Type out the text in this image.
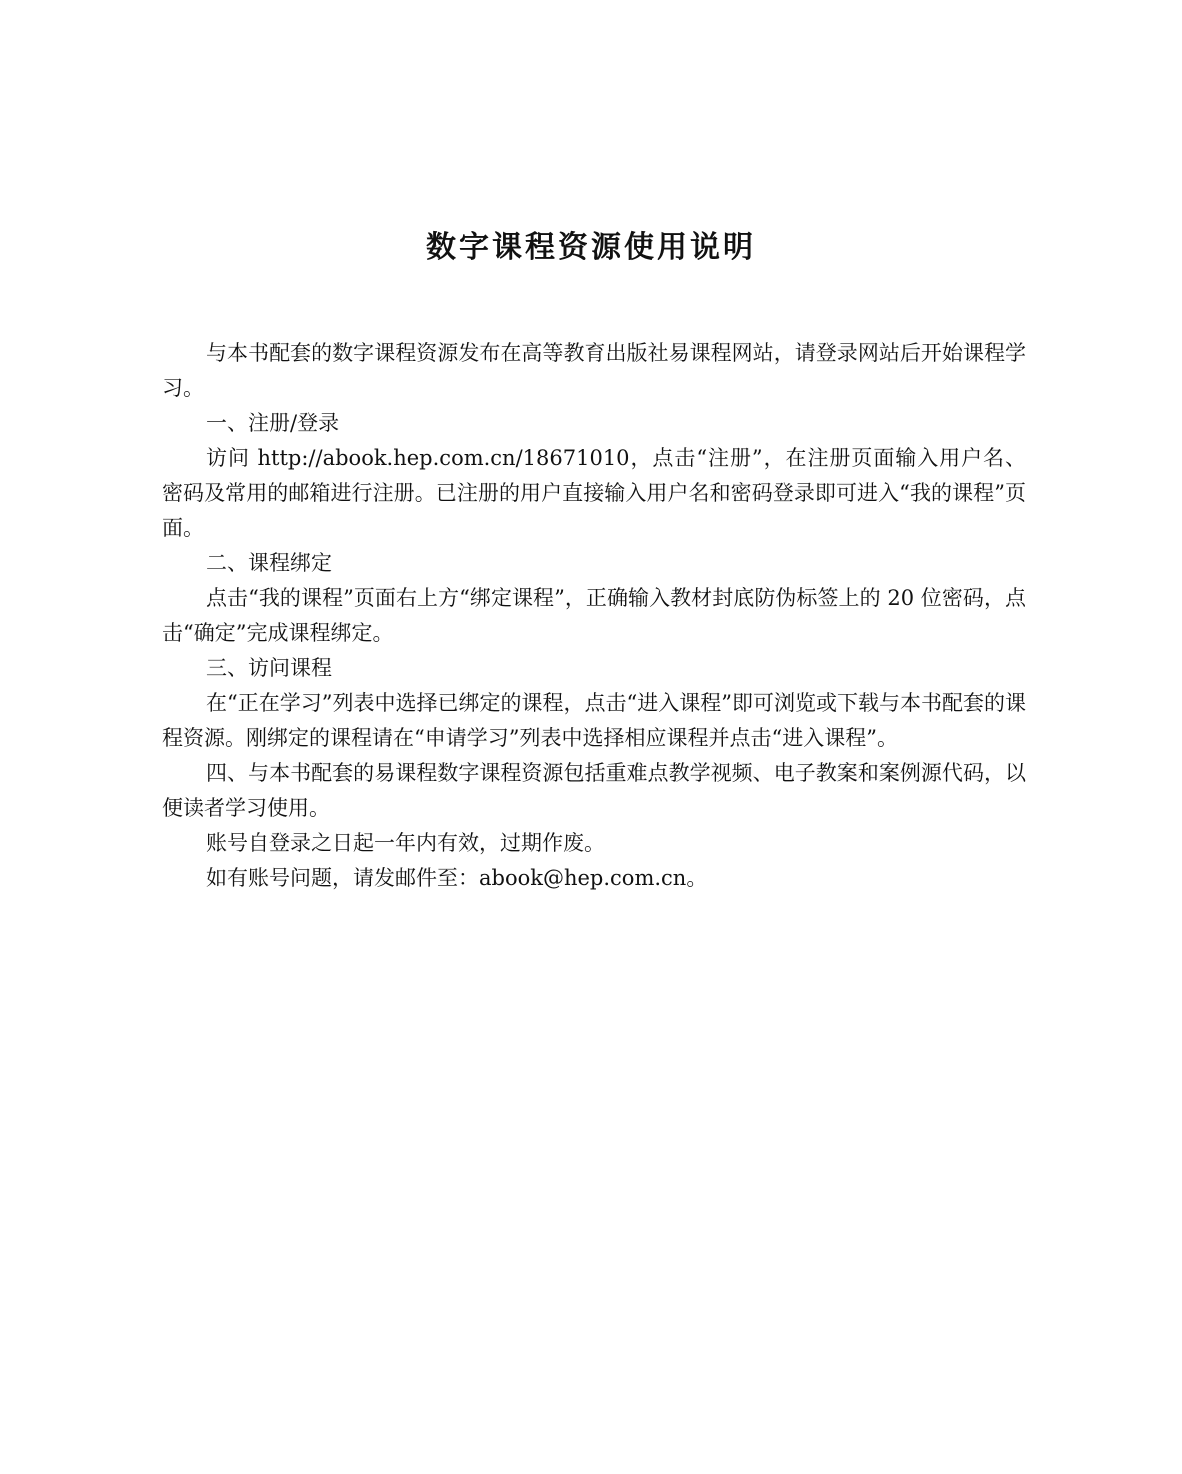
数字课程资源使用说明

与本书配套的数字课程资源发布在高等教育出版社易课程网站，请登录网站后开始课程学习。

一、注册/登录

访问 http://abook.hep.com.cn/18671010，点击“注册”，在注册页面输入用户名、密码及常用的邮箱进行注册。已注册的用户直接输入用户名和密码登录即可进入“我的课程”页面。

二、课程绑定

点击“我的课程”页面右上方“绑定课程”，正确输入教材封底防伪标签上的 20 位密码，点击“确定”完成课程绑定。

三、访问课程

在“正在学习”列表中选择已绑定的课程，点击“进入课程”即可浏览或下载与本书配套的课程资源。刚绑定的课程请在“申请学习”列表中选择相应课程并点击“进入课程”。

四、与本书配套的易课程数字课程资源包括重难点教学视频、电子教案和案例源代码，以便读者学习使用。

账号自登录之日起一年内有效，过期作废。

如有账号问题，请发邮件至：abook@hep.com.cn。
